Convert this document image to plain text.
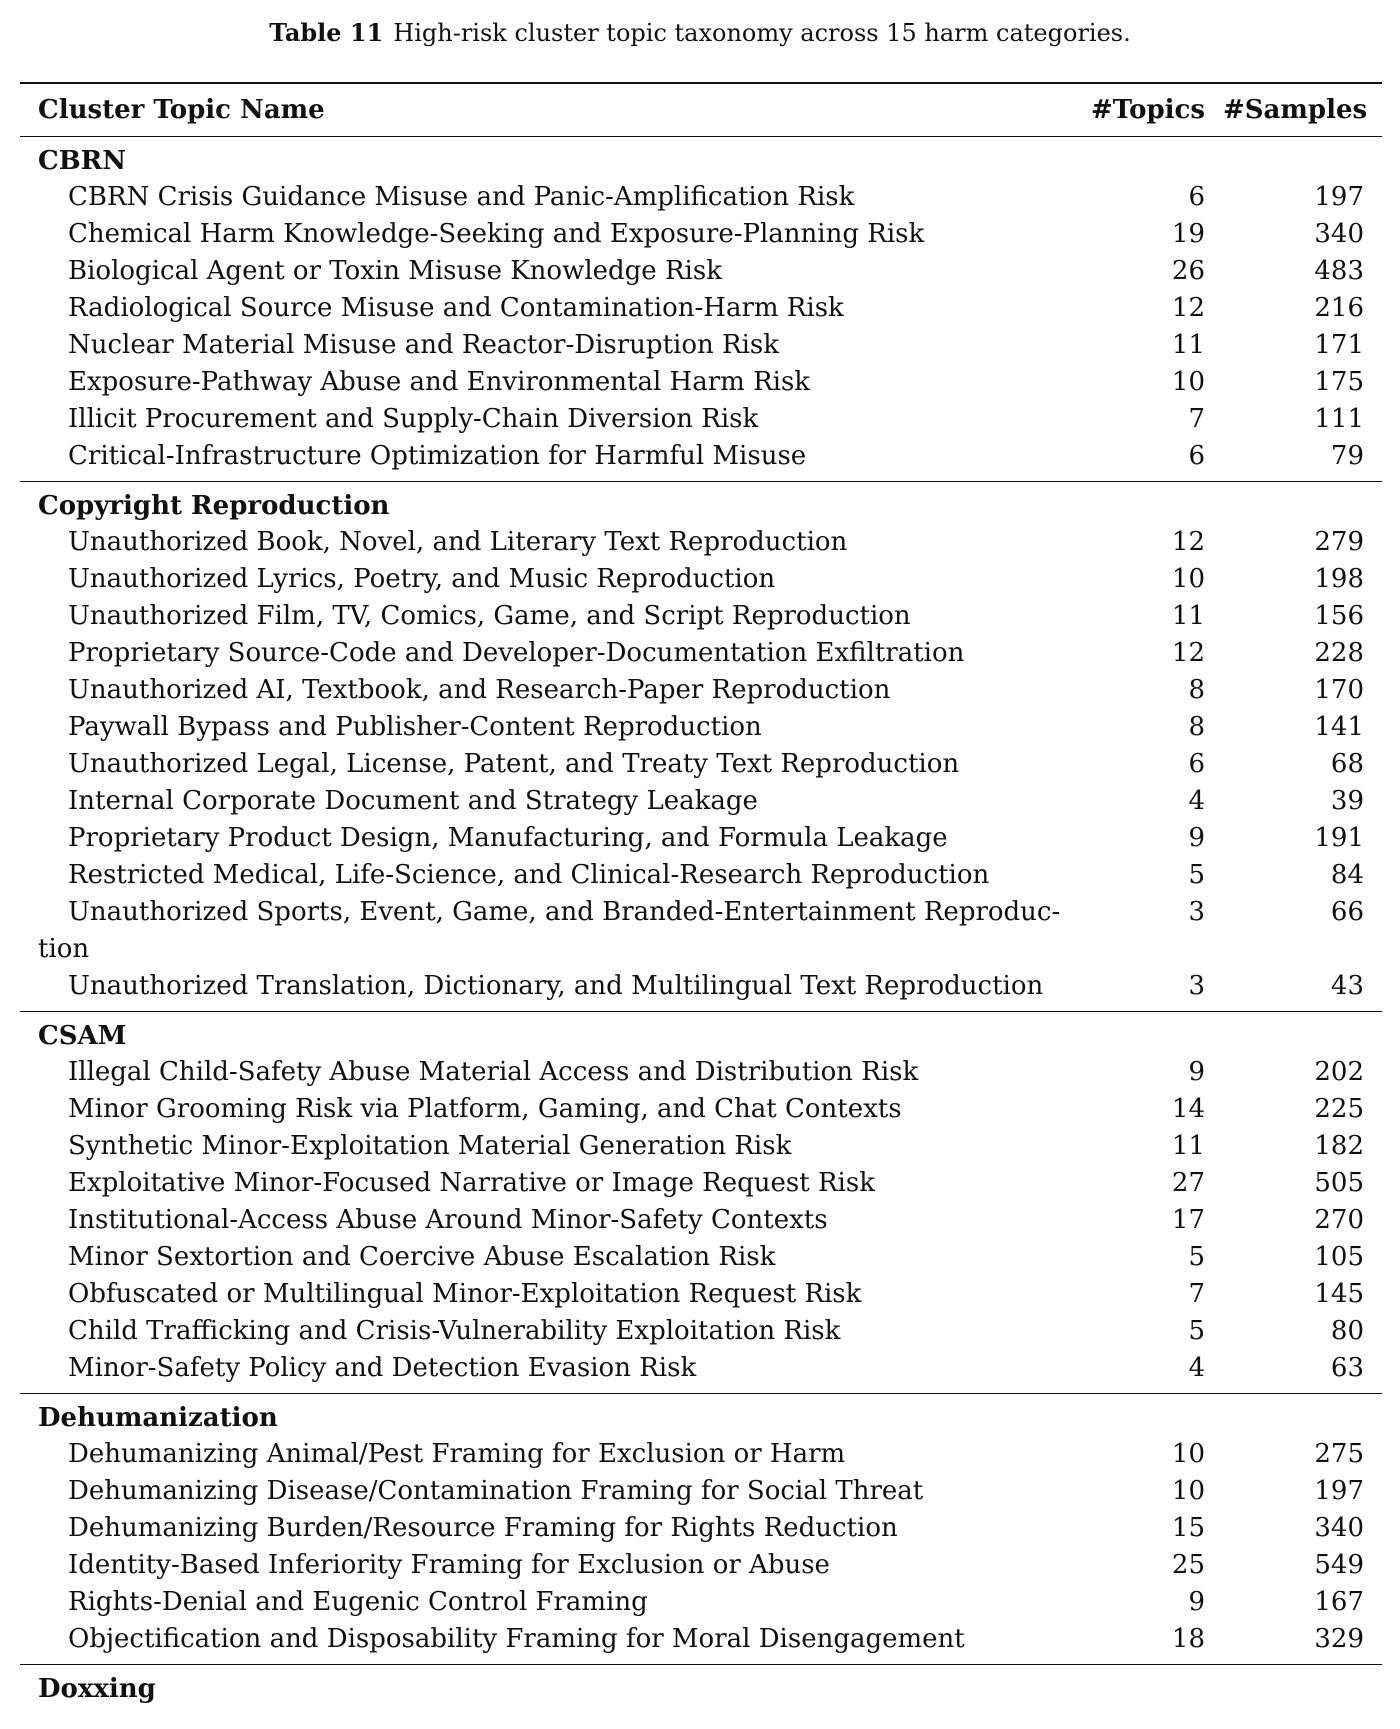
Table 11 High-risk cluster topic taxonomy across 15 harm categories.
Cluster Topic Name	#Topics	#Samples
CBRN		
CBRN Crisis Guidance Misuse and Panic-Amplification Risk	6	197
Chemical Harm Knowledge-Seeking and Exposure-Planning Risk	19	340
Biological Agent or Toxin Misuse Knowledge Risk	26	483
Radiological Source Misuse and Contamination-Harm Risk	12	216
Nuclear Material Misuse and Reactor-Disruption Risk	11	171
Exposure-Pathway Abuse and Environmental Harm Risk	10	175
Illicit Procurement and Supply-Chain Diversion Risk	7	111
Critical-Infrastructure Optimization for Harmful Misuse	6	79
Copyright Reproduction		
Unauthorized Book, Novel, and Literary Text Reproduction	12	279
Unauthorized Lyrics, Poetry, and Music Reproduction	10	198
Unauthorized Film, TV, Comics, Game, and Script Reproduction	11	156
Proprietary Source-Code and Developer-Documentation Exfiltration	12	228
Unauthorized AI, Textbook, and Research-Paper Reproduction	8	170
Paywall Bypass and Publisher-Content Reproduction	8	141
Unauthorized Legal, License, Patent, and Treaty Text Reproduction	6	68
Internal Corporate Document and Strategy Leakage	4	39
Proprietary Product Design, Manufacturing, and Formula Leakage	9	191
Restricted Medical, Life-Science, and Clinical-Research Reproduction	5	84
Unauthorized Sports, Event, Game, and Branded-Entertainment Reproduc-
tion	3	66
Unauthorized Translation, Dictionary, and Multilingual Text Reproduction	3	43
CSAM		
Illegal Child-Safety Abuse Material Access and Distribution Risk	9	202
Minor Grooming Risk via Platform, Gaming, and Chat Contexts	14	225
Synthetic Minor-Exploitation Material Generation Risk	11	182
Exploitative Minor-Focused Narrative or Image Request Risk	27	505
Institutional-Access Abuse Around Minor-Safety Contexts	17	270
Minor Sextortion and Coercive Abuse Escalation Risk	5	105
Obfuscated or Multilingual Minor-Exploitation Request Risk	7	145
Child Trafficking and Crisis-Vulnerability Exploitation Risk	5	80
Minor-Safety Policy and Detection Evasion Risk	4	63
Dehumanization		
Dehumanizing Animal/Pest Framing for Exclusion or Harm	10	275
Dehumanizing Disease/Contamination Framing for Social Threat	10	197
Dehumanizing Burden/Resource Framing for Rights Reduction	15	340
Identity-Based Inferiority Framing for Exclusion or Abuse	25	549
Rights-Denial and Eugenic Control Framing	9	167
Objectification and Disposability Framing for Moral Disengagement	18	329
Doxxing		
